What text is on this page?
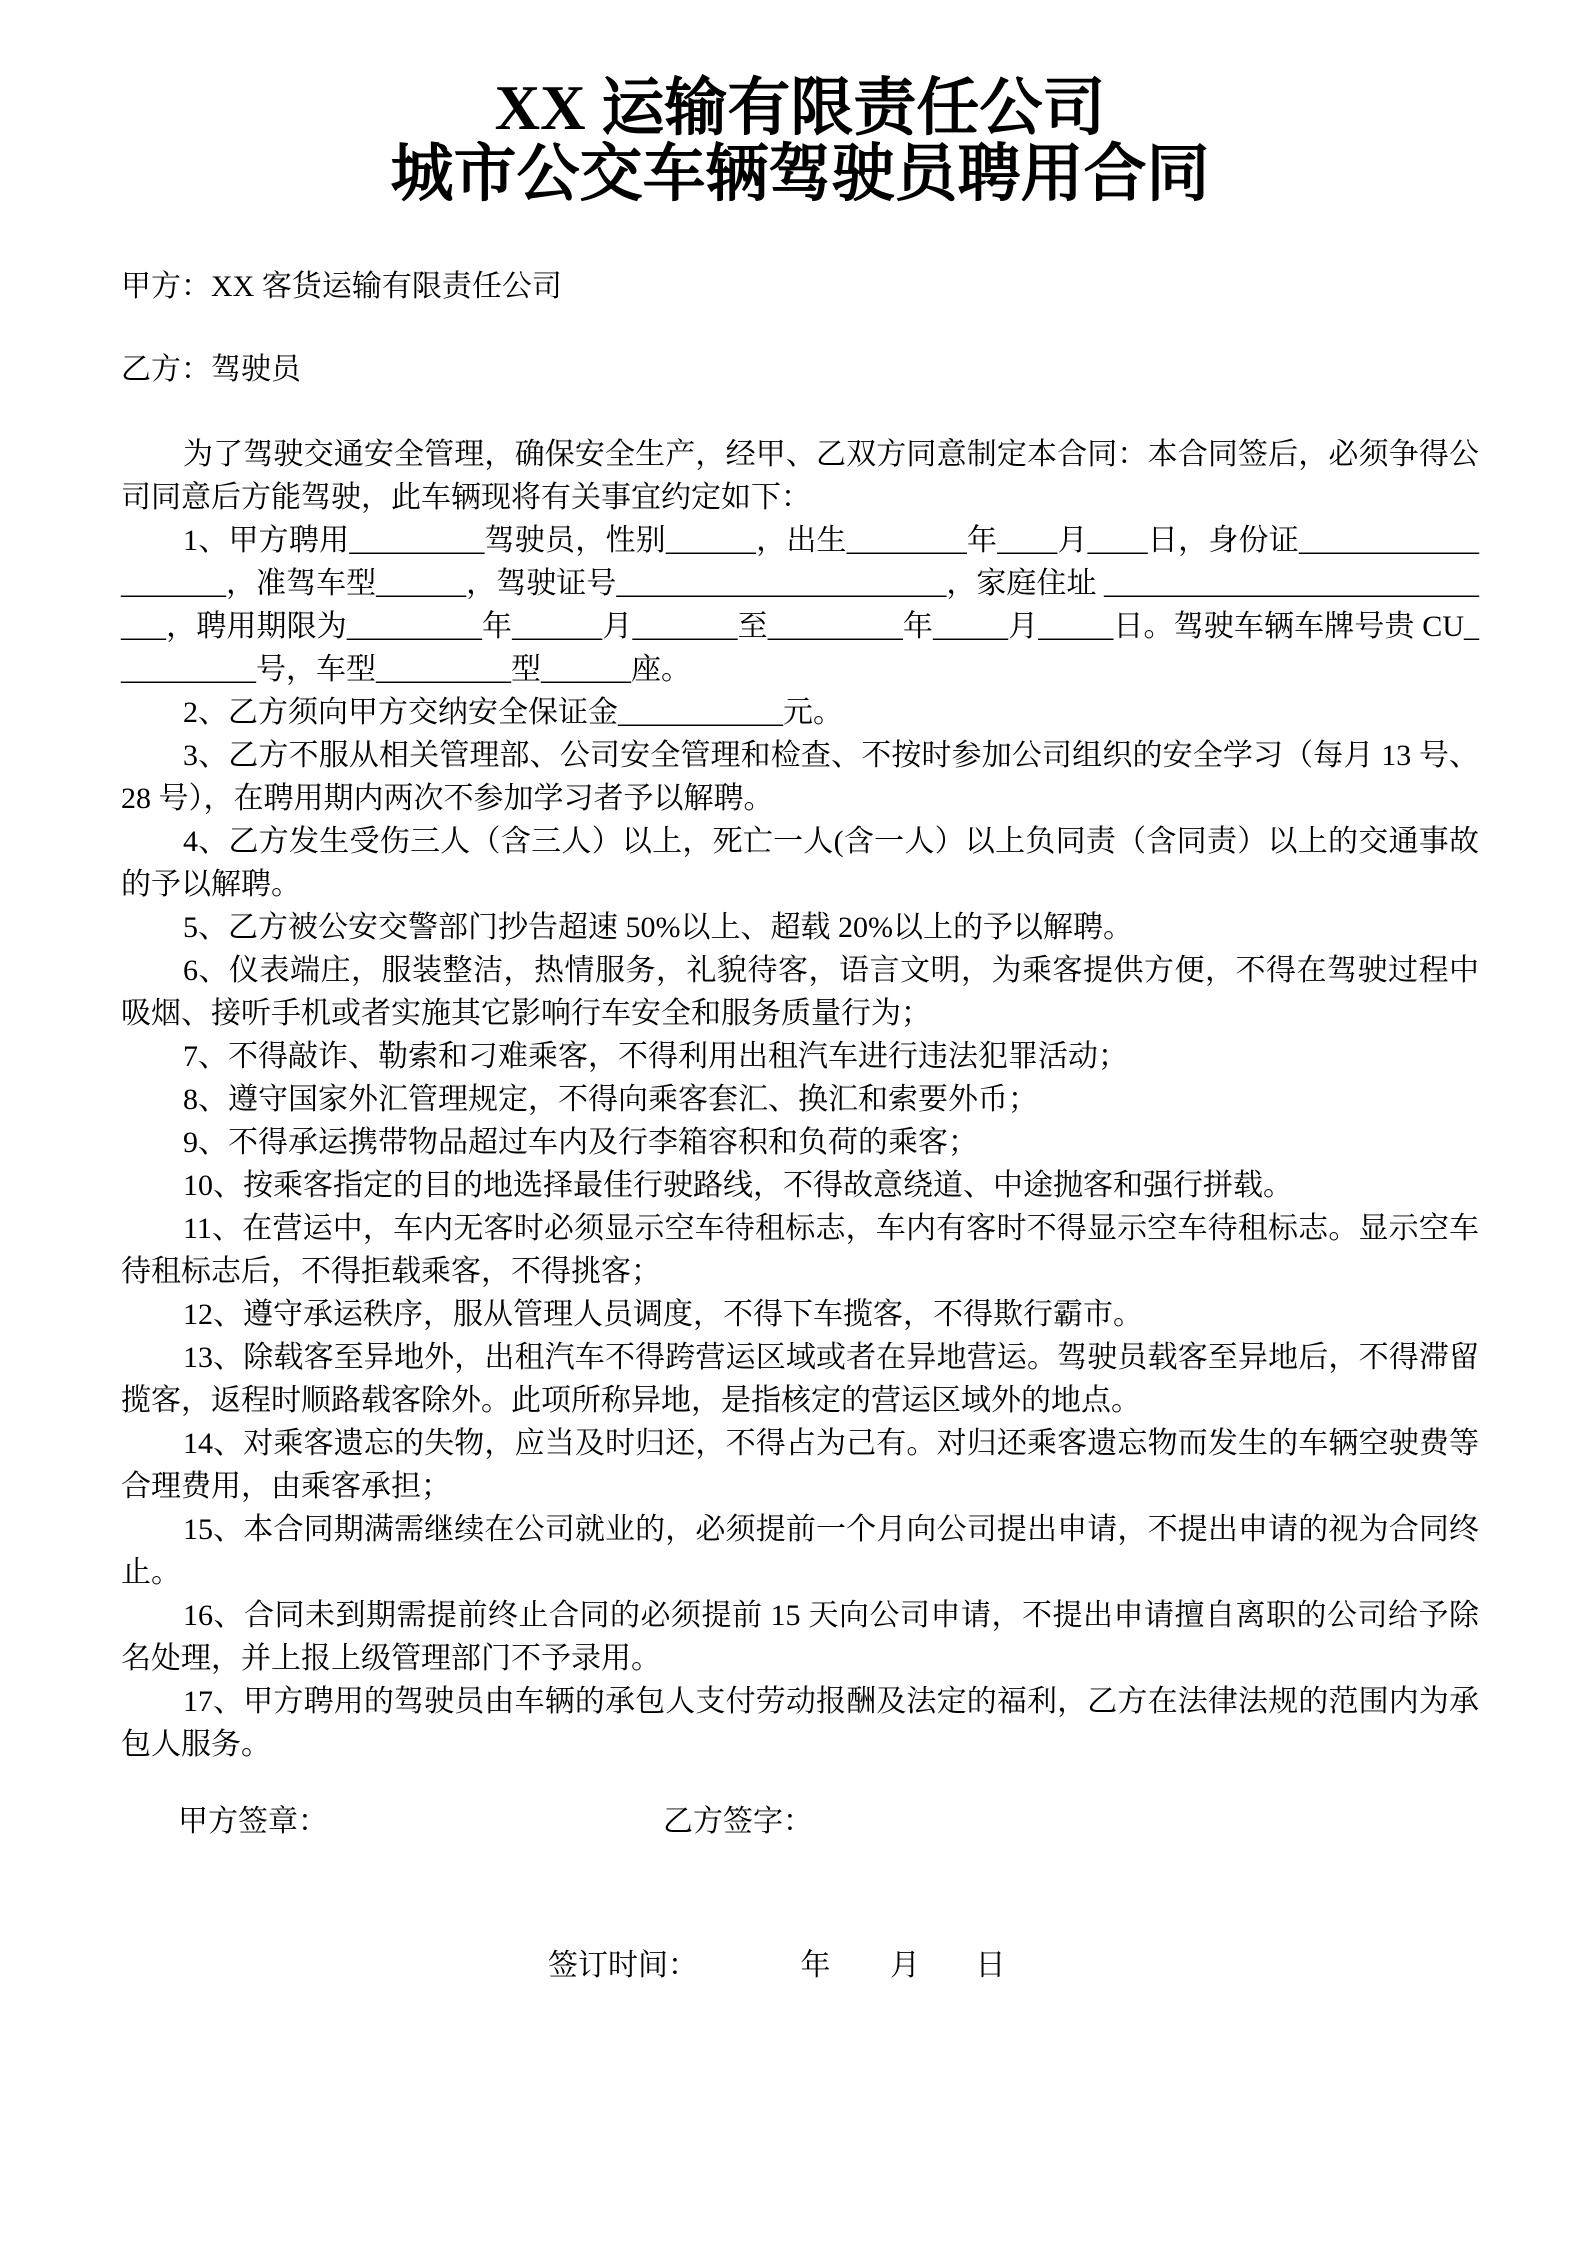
XX 运输有限责任公司
城市公交车辆驾驶员聘用合同
甲方：XX 客货运输有限责任公司
乙方：驾驶员

为了驾驶交通安全管理，确保安全生产，经甲、乙双方同意制定本合同：本合同签后，必须争得公司同意后方能驾驶，此车辆现将有关事宜约定如下：

1、甲方聘用_________驾驶员，性别______，出生________年____月____日，身份证___________________，准驾车型______，驾驶证号______________________，家庭住址 ____________________________，聘用期限为_________年______月_______至_________年_____月_____日。驾驶车辆车牌号贵 CU__________号，车型_________型______座。

2、乙方须向甲方交纳安全保证金___________元。

3、乙方不服从相关管理部、公司安全管理和检查、不按时参加公司组织的安全学习（每月 13 号、28 号），在聘用期内两次不参加学习者予以解聘。

4、乙方发生受伤三人（含三人）以上，死亡一人(含一人）以上负同责（含同责）以上的交通事故的予以解聘。

5、乙方被公安交警部门抄告超速 50%以上、超载 20%以上的予以解聘。

6、仪表端庄，服装整洁，热情服务，礼貌待客，语言文明，为乘客提供方便，不得在驾驶过程中吸烟、接听手机或者实施其它影响行车安全和服务质量行为；

7、不得敲诈、勒索和刁难乘客，不得利用出租汽车进行违法犯罪活动；

8、遵守国家外汇管理规定，不得向乘客套汇、换汇和索要外币；

9、不得承运携带物品超过车内及行李箱容积和负荷的乘客；

10、按乘客指定的目的地选择最佳行驶路线，不得故意绕道、中途抛客和强行拼载。

11、在营运中，车内无客时必须显示空车待租标志，车内有客时不得显示空车待租标志。显示空车待租标志后，不得拒载乘客，不得挑客；

12、遵守承运秩序，服从管理人员调度，不得下车揽客，不得欺行霸市。

13、除载客至异地外，出租汽车不得跨营运区域或者在异地营运。驾驶员载客至异地后，不得滞留揽客，返程时顺路载客除外。此项所称异地，是指核定的营运区域外的地点。

14、对乘客遗忘的失物，应当及时归还，不得占为己有。对归还乘客遗忘物而发生的车辆空驶费等合理费用，由乘客承担；

15、本合同期满需继续在公司就业的，必须提前一个月向公司提出申请，不提出申请的视为合同终止。

16、合同未到期需提前终止合同的必须提前 15 天向公司申请，不提出申请擅自离职的公司给予除名处理，并上报上级管理部门不予录用。

17、甲方聘用的驾驶员由车辆的承包人支付劳动报酬及法定的福利，乙方在法律法规的范围内为承包人服务。

甲方签章：	乙方签字：
签订时间：	年 月 日
